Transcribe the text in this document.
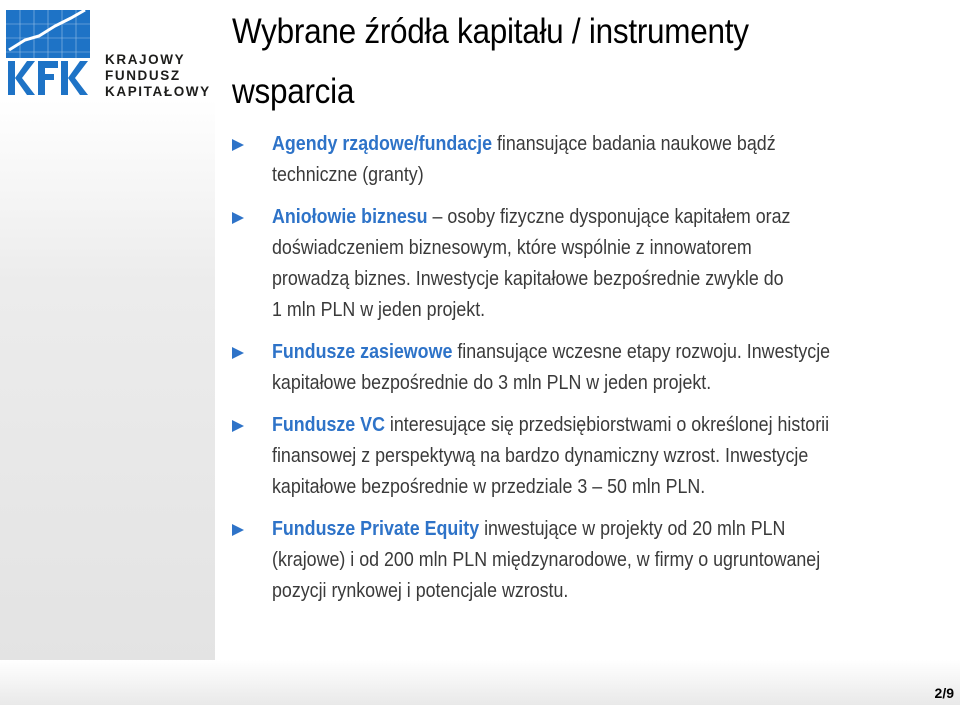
KRAJOWY
FUNDUSZ
KAPITAŁOWY
Wybrane źródła kapitału / instrumenty
wsparcia

Agendy rządowe/fundacje finansujące badania naukowe bądź
techniczne (granty)

Aniołowie biznesu – osoby fizyczne dysponujące kapitałem oraz
doświadczeniem biznesowym, które wspólnie z innowatorem
prowadzą biznes. Inwestycje kapitałowe bezpośrednie zwykle do
1 mln PLN w jeden projekt.

Fundusze zasiewowe finansujące wczesne etapy rozwoju. Inwestycje
kapitałowe bezpośrednie do 3 mln PLN w jeden projekt.

Fundusze VC interesujące się przedsiębiorstwami o określonej historii
finansowej z perspektywą na bardzo dynamiczny wzrost. Inwestycje
kapitałowe bezpośrednie w przedziale 3 – 50 mln PLN.

Fundusze Private Equity inwestujące w projekty od 20 mln PLN
(krajowe) i od 200 mln PLN międzynarodowe, w firmy o ugruntowanej
pozycji rynkowej i potencjale wzrostu.

2/9
